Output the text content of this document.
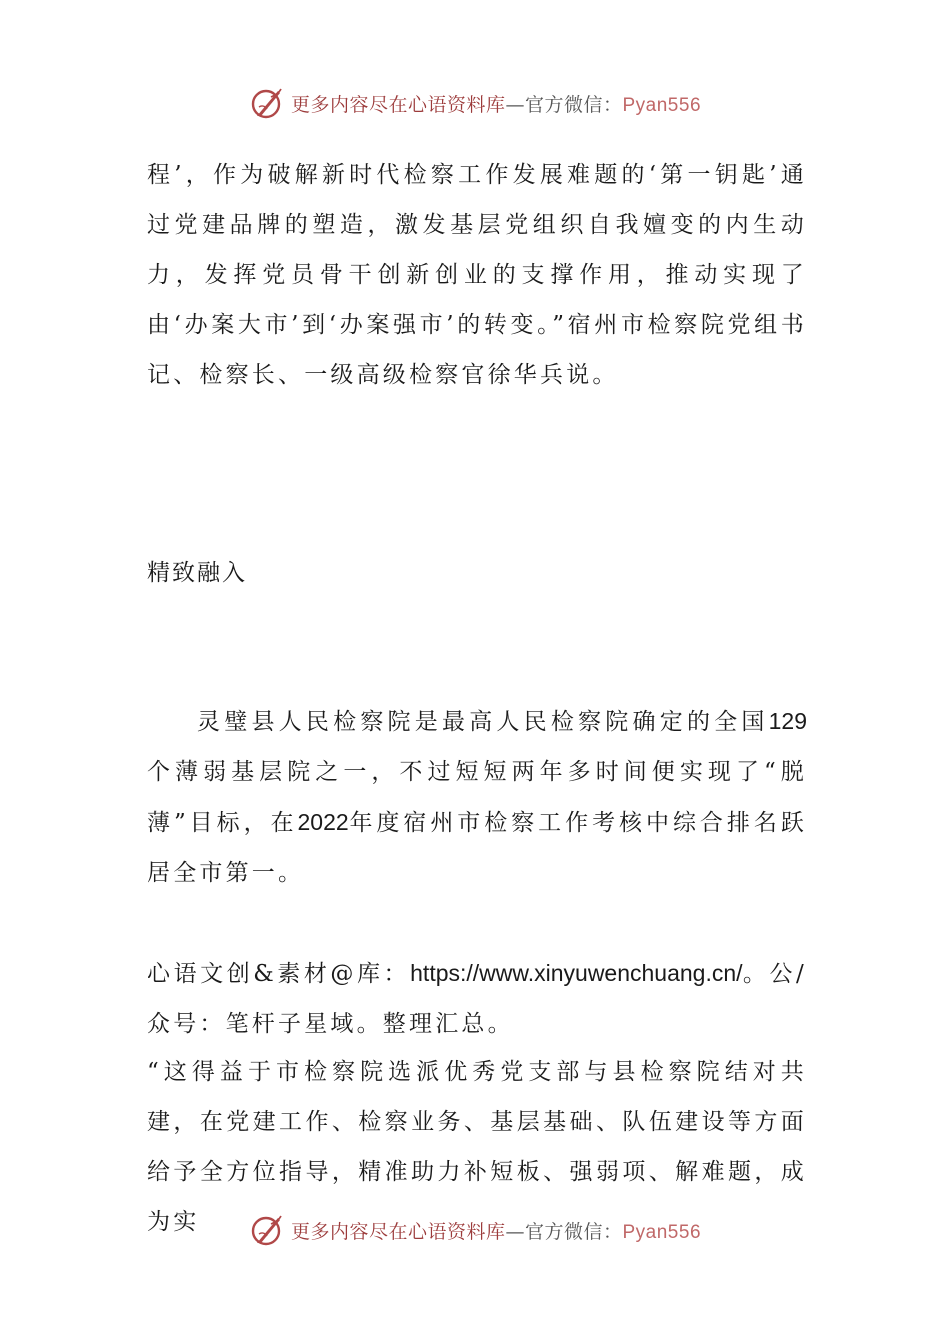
更多内容尽在心语资料库—官方微信：Pyan556

程’，作为破解新时代检察工作发展难题的‘第一钥匙’通过党建品牌的塑造，激发基层党组织自我嬗变的内生动力，发挥党员骨干创新创业的支撑作用，推动实现了由‘办案大市’到‘办案强市’的转变。”宿州市检察院党组书记、检察长、一级高级检察官徐华兵说。

精致融入

灵璧县人民检察院是最高人民检察院确定的全国129个薄弱基层院之一，不过短短两年多时间便实现了“脱薄”目标，在2022年度宿州市检察工作考核中综合排名跃居全市第一。

心语文创&素材@库：https://www.xinyuwenchuang.cn/。公/众号：笔杆子星域。整理汇总。

“这得益于市检察院选派优秀党支部与县检察院结对共建，在党建工作、检察业务、基层基础、队伍建设等方面给予全方位指导，精准助力补短板、强弱项、解难题，成为实	更多内容尽在心语资料库—官方微信：Pyan556
